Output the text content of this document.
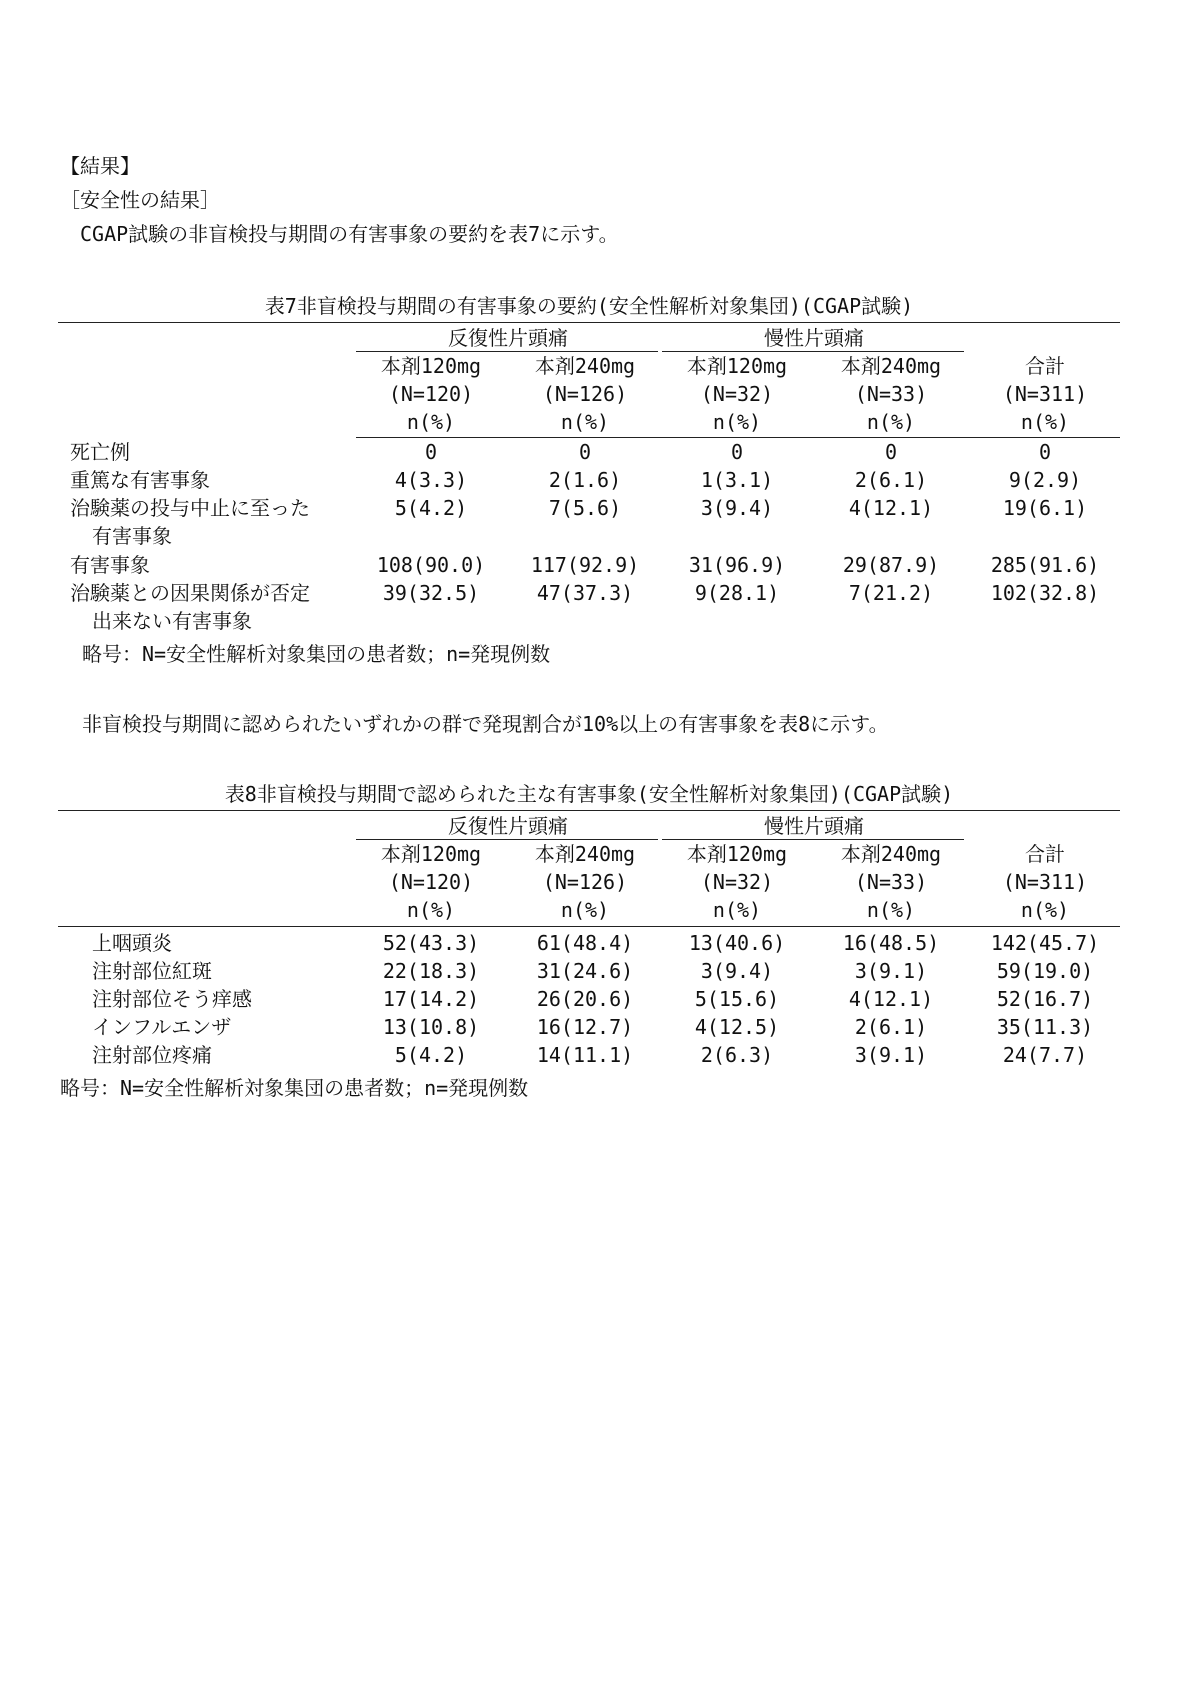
【結果】
［安全性の結果］
CGAP試験の非盲検投与期間の有害事象の要約を表7に示す。
表7非盲検投与期間の有害事象の要約(安全性解析対象集団)(CGAP試験)
反復性片頭痛	慢性片頭痛
本剤120mg	本剤240mg	本剤120mg	本剤240mg	合計
(N=120)	(N=126)	(N=32)	(N=33)	(N=311)
n(%)	n(%)	n(%)	n(%)	n(%)
死亡例	0	0	0	0	0
重篤な有害事象	4(3.3)	2(1.6)	1(3.1)	2(6.1)	9(2.9)
治験薬の投与中止に至った
有害事象
5(4.2)	7(5.6)	3(9.4)	4(12.1)	19(6.1)
有害事象	108(90.0)	117(92.9)	31(96.9)	29(87.9)	285(91.6)
治験薬との因果関係が否定
出来ない有害事象
39(32.5)	47(37.3)	9(28.1)	7(21.2)	102(32.8)
略号：N=安全性解析対象集団の患者数；n=発現例数
非盲検投与期間に認められたいずれかの群で発現割合が10%以上の有害事象を表8に示す。
表8非盲検投与期間で認められた主な有害事象(安全性解析対象集団)(CGAP試験)
反復性片頭痛	慢性片頭痛
本剤120mg	本剤240mg	本剤120mg	本剤240mg	合計
(N=120)	(N=126)	(N=32)	(N=33)	(N=311)
n(%)	n(%)	n(%)	n(%)	n(%)
上咽頭炎	52(43.3)	61(48.4)	13(40.6)	16(48.5)	142(45.7)
注射部位紅斑	22(18.3)	31(24.6)	3(9.4)	3(9.1)	59(19.0)
注射部位そう痒感	17(14.2)	26(20.6)	5(15.6)	4(12.1)	52(16.7)
インフルエンザ	13(10.8)	16(12.7)	4(12.5)	2(6.1)	35(11.3)
注射部位疼痛	5(4.2)	14(11.1)	2(6.3)	3(9.1)	24(7.7)
略号：N=安全性解析対象集団の患者数；n=発現例数
